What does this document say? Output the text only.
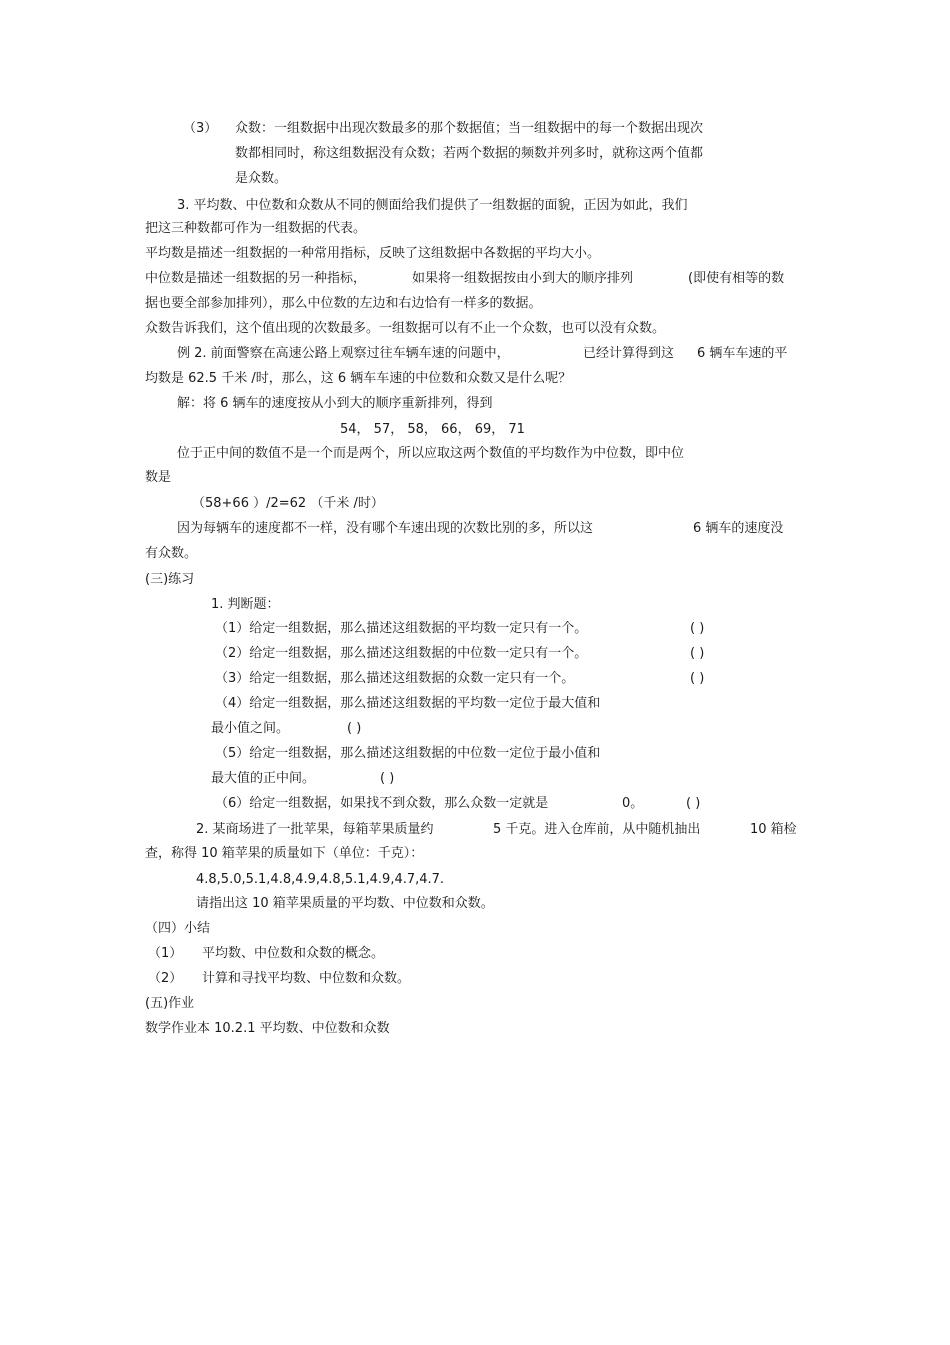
（3） 众数：一组数据中出现次数最多的那个数据值；当一组数据中的每一个数据出现次
数都相同时，称这组数据没有众数；若两个数据的频数并列多时，就称这两个值都
是众数。
3. 平均数、中位数和众数从不同的侧面给我们提供了一组数据的面貌，正因为如此，我们
把这三种数都可作为一组数据的代表。
平均数是描述一组数据的一种常用指标，反映了这组数据中各数据的平均大小。
中位数是描述一组数据的另一种指标，	如果将一组数据按由小到大的顺序排列	(即使有相等的数
据也要全部参加排列），那么中位数的左边和右边恰有一样多的数据。
众数告诉我们，这个值出现的次数最多。一组数据可以有不止一个众数，也可以没有众数。
例 2. 前面警察在高速公路上观察过往车辆车速的问题中，	已经计算得到这 6 辆车车速的平
均数是 62.5 千米 /时，那么，这 6 辆车车速的中位数和众数又是什么呢？
解：将 6 辆车的速度按从小到大的顺序重新排列，得到
54， 57， 58， 66， 69， 71
位于正中间的数值不是一个而是两个，所以应取这两个数值的平均数作为中位数，即中位
数是
（58+66 ）/2=62 （千米 /时）
因为每辆车的速度都不一样，没有哪个车速出现的次数比别的多，所以这	6 辆车的速度没
有众数。
(三)练习
1. 判断题：
（1）给定一组数据，那么描述这组数据的平均数一定只有一个。	( )
（2）给定一组数据，那么描述这组数据的中位数一定只有一个。	( )
（3）给定一组数据，那么描述这组数据的众数一定只有一个。	( )
（4）给定一组数据，那么描述这组数据的平均数一定位于最大值和
最小值之间。	( )
（5）给定一组数据，那么描述这组数据的中位数一定位于最小值和
最大值的正中间。	( )
（6）给定一组数据，如果找不到众数，那么众数一定就是	0。	( )
2. 某商场进了一批苹果，每箱苹果质量约	5 千克。进入仓库前，从中随机抽出	10 箱检
查，称得 10 箱苹果的质量如下（单位：千克）：
4.8,5.0,5.1,4.8,4.9,4.8,5.1,4.9,4.7,4.7.
请指出这 10 箱苹果质量的平均数、中位数和众数。
（四）小结
（1） 平均数、中位数和众数的概念。
（2） 计算和寻找平均数、中位数和众数。
(五)作业
数学作业本 10.2.1 平均数、中位数和众数
